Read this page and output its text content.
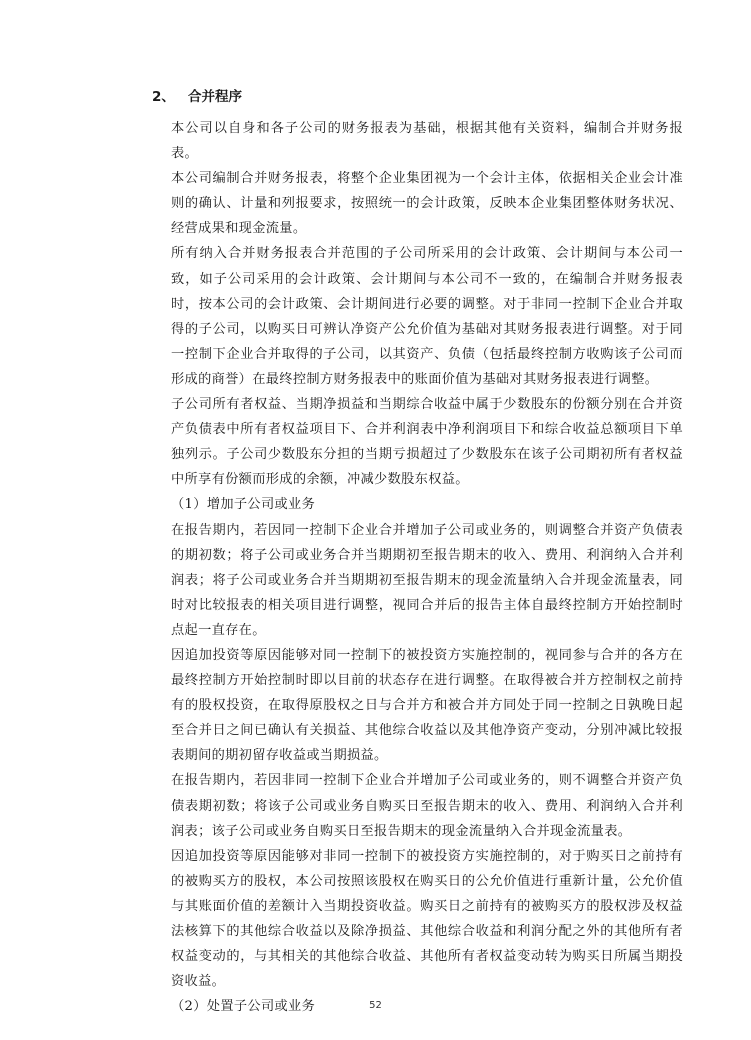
2、 合并程序

本公司以自身和各子公司的财务报表为基础，根据其他有关资料，编制合并财务报表。

本公司编制合并财务报表，将整个企业集团视为一个会计主体，依据相关企业会计准则的确认、计量和列报要求，按照统一的会计政策，反映本企业集团整体财务状况、经营成果和现金流量。

所有纳入合并财务报表合并范围的子公司所采用的会计政策、会计期间与本公司一致，如子公司采用的会计政策、会计期间与本公司不一致的，在编制合并财务报表时，按本公司的会计政策、会计期间进行必要的调整。对于非同一控制下企业合并取得的子公司，以购买日可辨认净资产公允价值为基础对其财务报表进行调整。对于同一控制下企业合并取得的子公司，以其资产、负债（包括最终控制方收购该子公司而形成的商誉）在最终控制方财务报表中的账面价值为基础对其财务报表进行调整。

子公司所有者权益、当期净损益和当期综合收益中属于少数股东的份额分别在合并资产负债表中所有者权益项目下、合并利润表中净利润项目下和综合收益总额项目下单独列示。子公司少数股东分担的当期亏损超过了少数股东在该子公司期初所有者权益中所享有份额而形成的余额，冲减少数股东权益。

（1）增加子公司或业务

在报告期内，若因同一控制下企业合并增加子公司或业务的，则调整合并资产负债表的期初数；将子公司或业务合并当期期初至报告期末的收入、费用、利润纳入合并利润表；将子公司或业务合并当期期初至报告期末的现金流量纳入合并现金流量表，同时对比较报表的相关项目进行调整，视同合并后的报告主体自最终控制方开始控制时点起一直存在。

因追加投资等原因能够对同一控制下的被投资方实施控制的，视同参与合并的各方在最终控制方开始控制时即以目前的状态存在进行调整。在取得被合并方控制权之前持有的股权投资，在取得原股权之日与合并方和被合并方同处于同一控制之日孰晚日起至合并日之间已确认有关损益、其他综合收益以及其他净资产变动，分别冲减比较报表期间的期初留存收益或当期损益。

在报告期内，若因非同一控制下企业合并增加子公司或业务的，则不调整合并资产负债表期初数；将该子公司或业务自购买日至报告期末的收入、费用、利润纳入合并利润表；该子公司或业务自购买日至报告期末的现金流量纳入合并现金流量表。

因追加投资等原因能够对非同一控制下的被投资方实施控制的，对于购买日之前持有的被购买方的股权，本公司按照该股权在购买日的公允价值进行重新计量，公允价值与其账面价值的差额计入当期投资收益。购买日之前持有的被购买方的股权涉及权益法核算下的其他综合收益以及除净损益、其他综合收益和利润分配之外的其他所有者权益变动的，与其相关的其他综合收益、其他所有者权益变动转为购买日所属当期投资收益。

（2）处置子公司或业务	52
